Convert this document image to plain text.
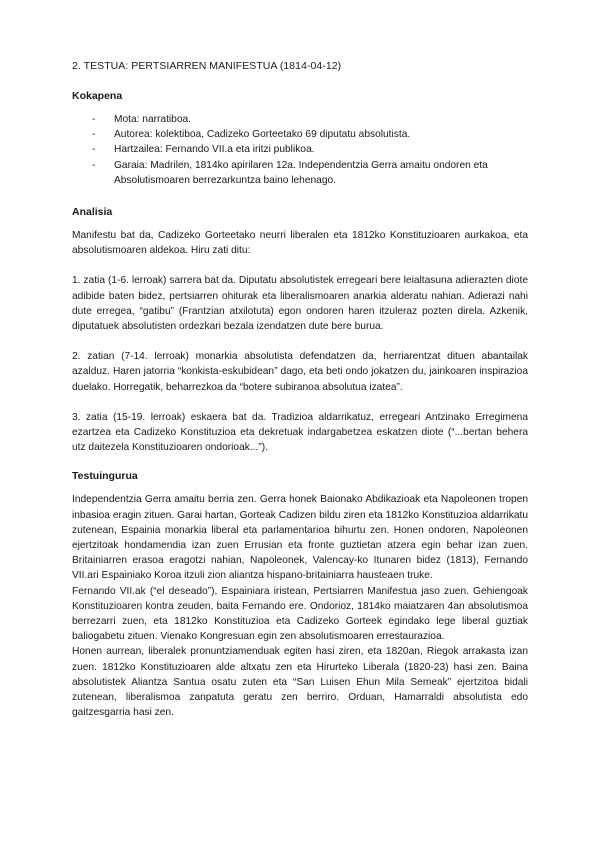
2. TESTUA: PERTSIARREN MANIFESTUA (1814-04-12)
Kokapena
- Mota: narratiboa.
- Autorea: kolektiboa, Cadizeko Gorteetako 69 diputatu absolutista.
- Hartzailea: Fernando VII.a eta iritzi publikoa.
- Garaia: Madrilen, 1814ko apirilaren 12a. Independentzia Gerra amaitu ondoren eta Absolutismoaren berrezarkuntza baino lehenago.
Analisia

Manifestu bat da, Cadizeko Gorteetako neurri liberalen eta 1812ko Konstituzioaren aurkakoa, eta absolutismoaren aldekoa. Hiru zati ditu:

1. zatia (1-6. lerroak) sarrera bat da. Diputatu absolutistek erregeari bere leialtasuna adierazten diote adibide baten bidez, pertsiarren ohiturak eta liberalismoaren anarkia alderatu nahian. Adierazi nahi dute erregea, “gatibu” (Frantzian atxilotuta) egon ondoren haren itzuleraz pozten direla. Azkenik, diputatuek absolutisten ordezkari bezala izendatzen dute bere burua.

2. zatian (7-14. lerroak) monarkia absolutista defendatzen da, herriarentzat dituen abantailak azalduz. Haren jatorria “konkista-eskubidean” dago, eta beti ondo jokatzen du, jainkoaren inspirazioa duelako. Horregatik, beharrezkoa da “botere subiranoa absolutua izatea”.

3. zatia (15-19. lerroak) eskaera bat da. Tradizioa aldarrikatuz, erregeari Antzinako Erregimena ezartzea eta Cadizeko Konstituzioa eta dekretuak indargabetzea eskatzen diote (“...bertan behera utz daitezela Konstituzioaren ondorioak...”).

Testuingurua

Independentzia Gerra amaitu berria zen. Gerra honek Baionako Abdikazioak eta Napoleonen tropen inbasioa eragin zituen. Garai hartan, Gorteak Cadizen bildu ziren eta 1812ko Konstituzioa aldarrikatu zutenean, Espainia monarkia liberal eta parlamentarioa bihurtu zen. Honen ondoren, Napoleonen ejertzitoak hondamendia izan zuen Errusian eta fronte guztietan atzera egin behar izan zuen. Britainiarren erasoa eragotzi nahian, Napoleonek, Valencay-ko Itunaren bidez (1813), Fernando VII.ari Espainiako Koroa itzuli zion aliantza hispano-britainiarra hausteaen truke.

Fernando VII.ak (“el deseado”), Espainiara iristean, Pertsiarren Manifestua jaso zuen. Gehiengoak Konstituzioaren kontra zeuden, baita Fernando ere. Ondorioz, 1814ko maiatzaren 4an absolutismoa berrezarri zuen, eta 1812ko Konstituzioa eta Cadizeko Gorteek egindako lege liberal guztiak baliogabetu zituen. Vienako Kongresuan egin zen absolutismoaren errestaurazioa.

Honen aurrean, liberalek pronuntziamenduak egiten hasi ziren, eta 1820an, Riegok arrakasta izan zuen. 1812ko Konstituzioaren alde altxatu zen eta Hirurteko Liberala (1820-23) hasi zen. Baina absolutistek Aliantza Santua osatu zuten eta “San Luisen Ehun Mila Semeak” ejertzitoa bidali zutenean, liberalismoa zanpatuta geratu zen berriro. Orduan, Hamarraldi absolutista edo gaitzesgarria hasi zen.
